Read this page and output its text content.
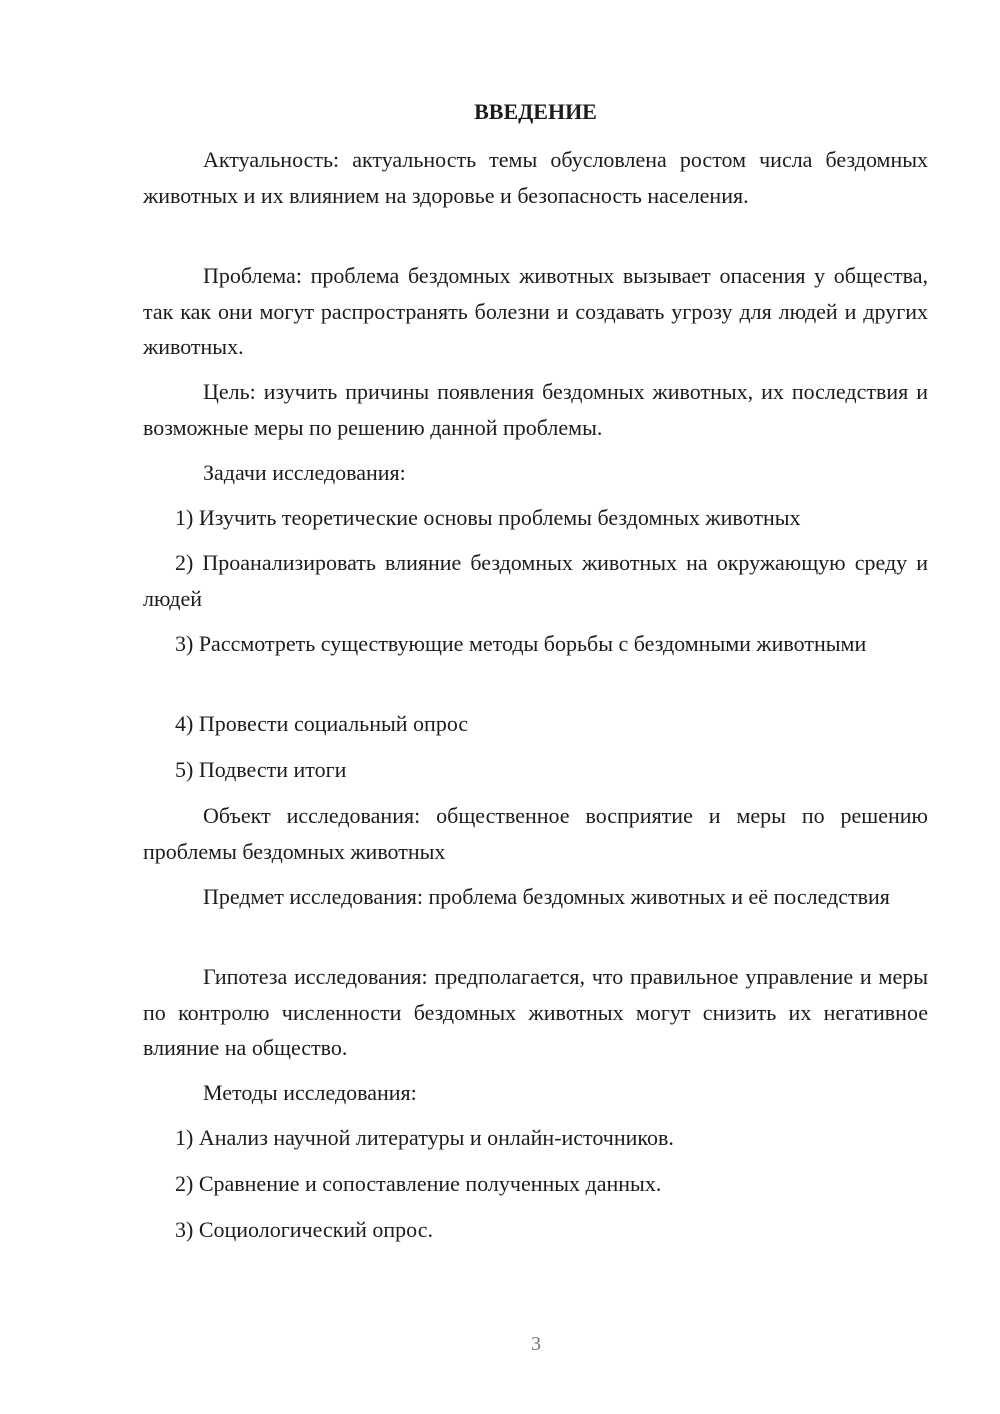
ВВЕДЕНИЕ

Актуальность: актуальность темы обусловлена ростом числа бездомных животных и их влиянием на здоровье и безопасность населения.

Проблема: проблема бездомных животных вызывает опасения у общества, так как они могут распространять болезни и создавать угрозу для людей и других животных.

Цель: изучить причины появления бездомных животных, их последствия и возможные меры по решению данной проблемы.

Задачи исследования:

1) Изучить теоретические основы проблемы бездомных животных

2) Проанализировать влияние бездомных животных на окружающую среду и людей

3) Рассмотреть существующие методы борьбы с бездомными животными

4) Провести социальный опрос

5) Подвести итоги

Объект исследования: общественное восприятие и меры по решению проблемы бездомных животных

Предмет исследования: проблема бездомных животных и её последствия

Гипотеза исследования: предполагается, что правильное управление и меры по контролю численности бездомных животных могут снизить их негативное влияние на общество.

Методы исследования:

1) Анализ научной литературы и онлайн-источников.

2) Сравнение и сопоставление полученных данных.

3) Социологический опрос.

3
